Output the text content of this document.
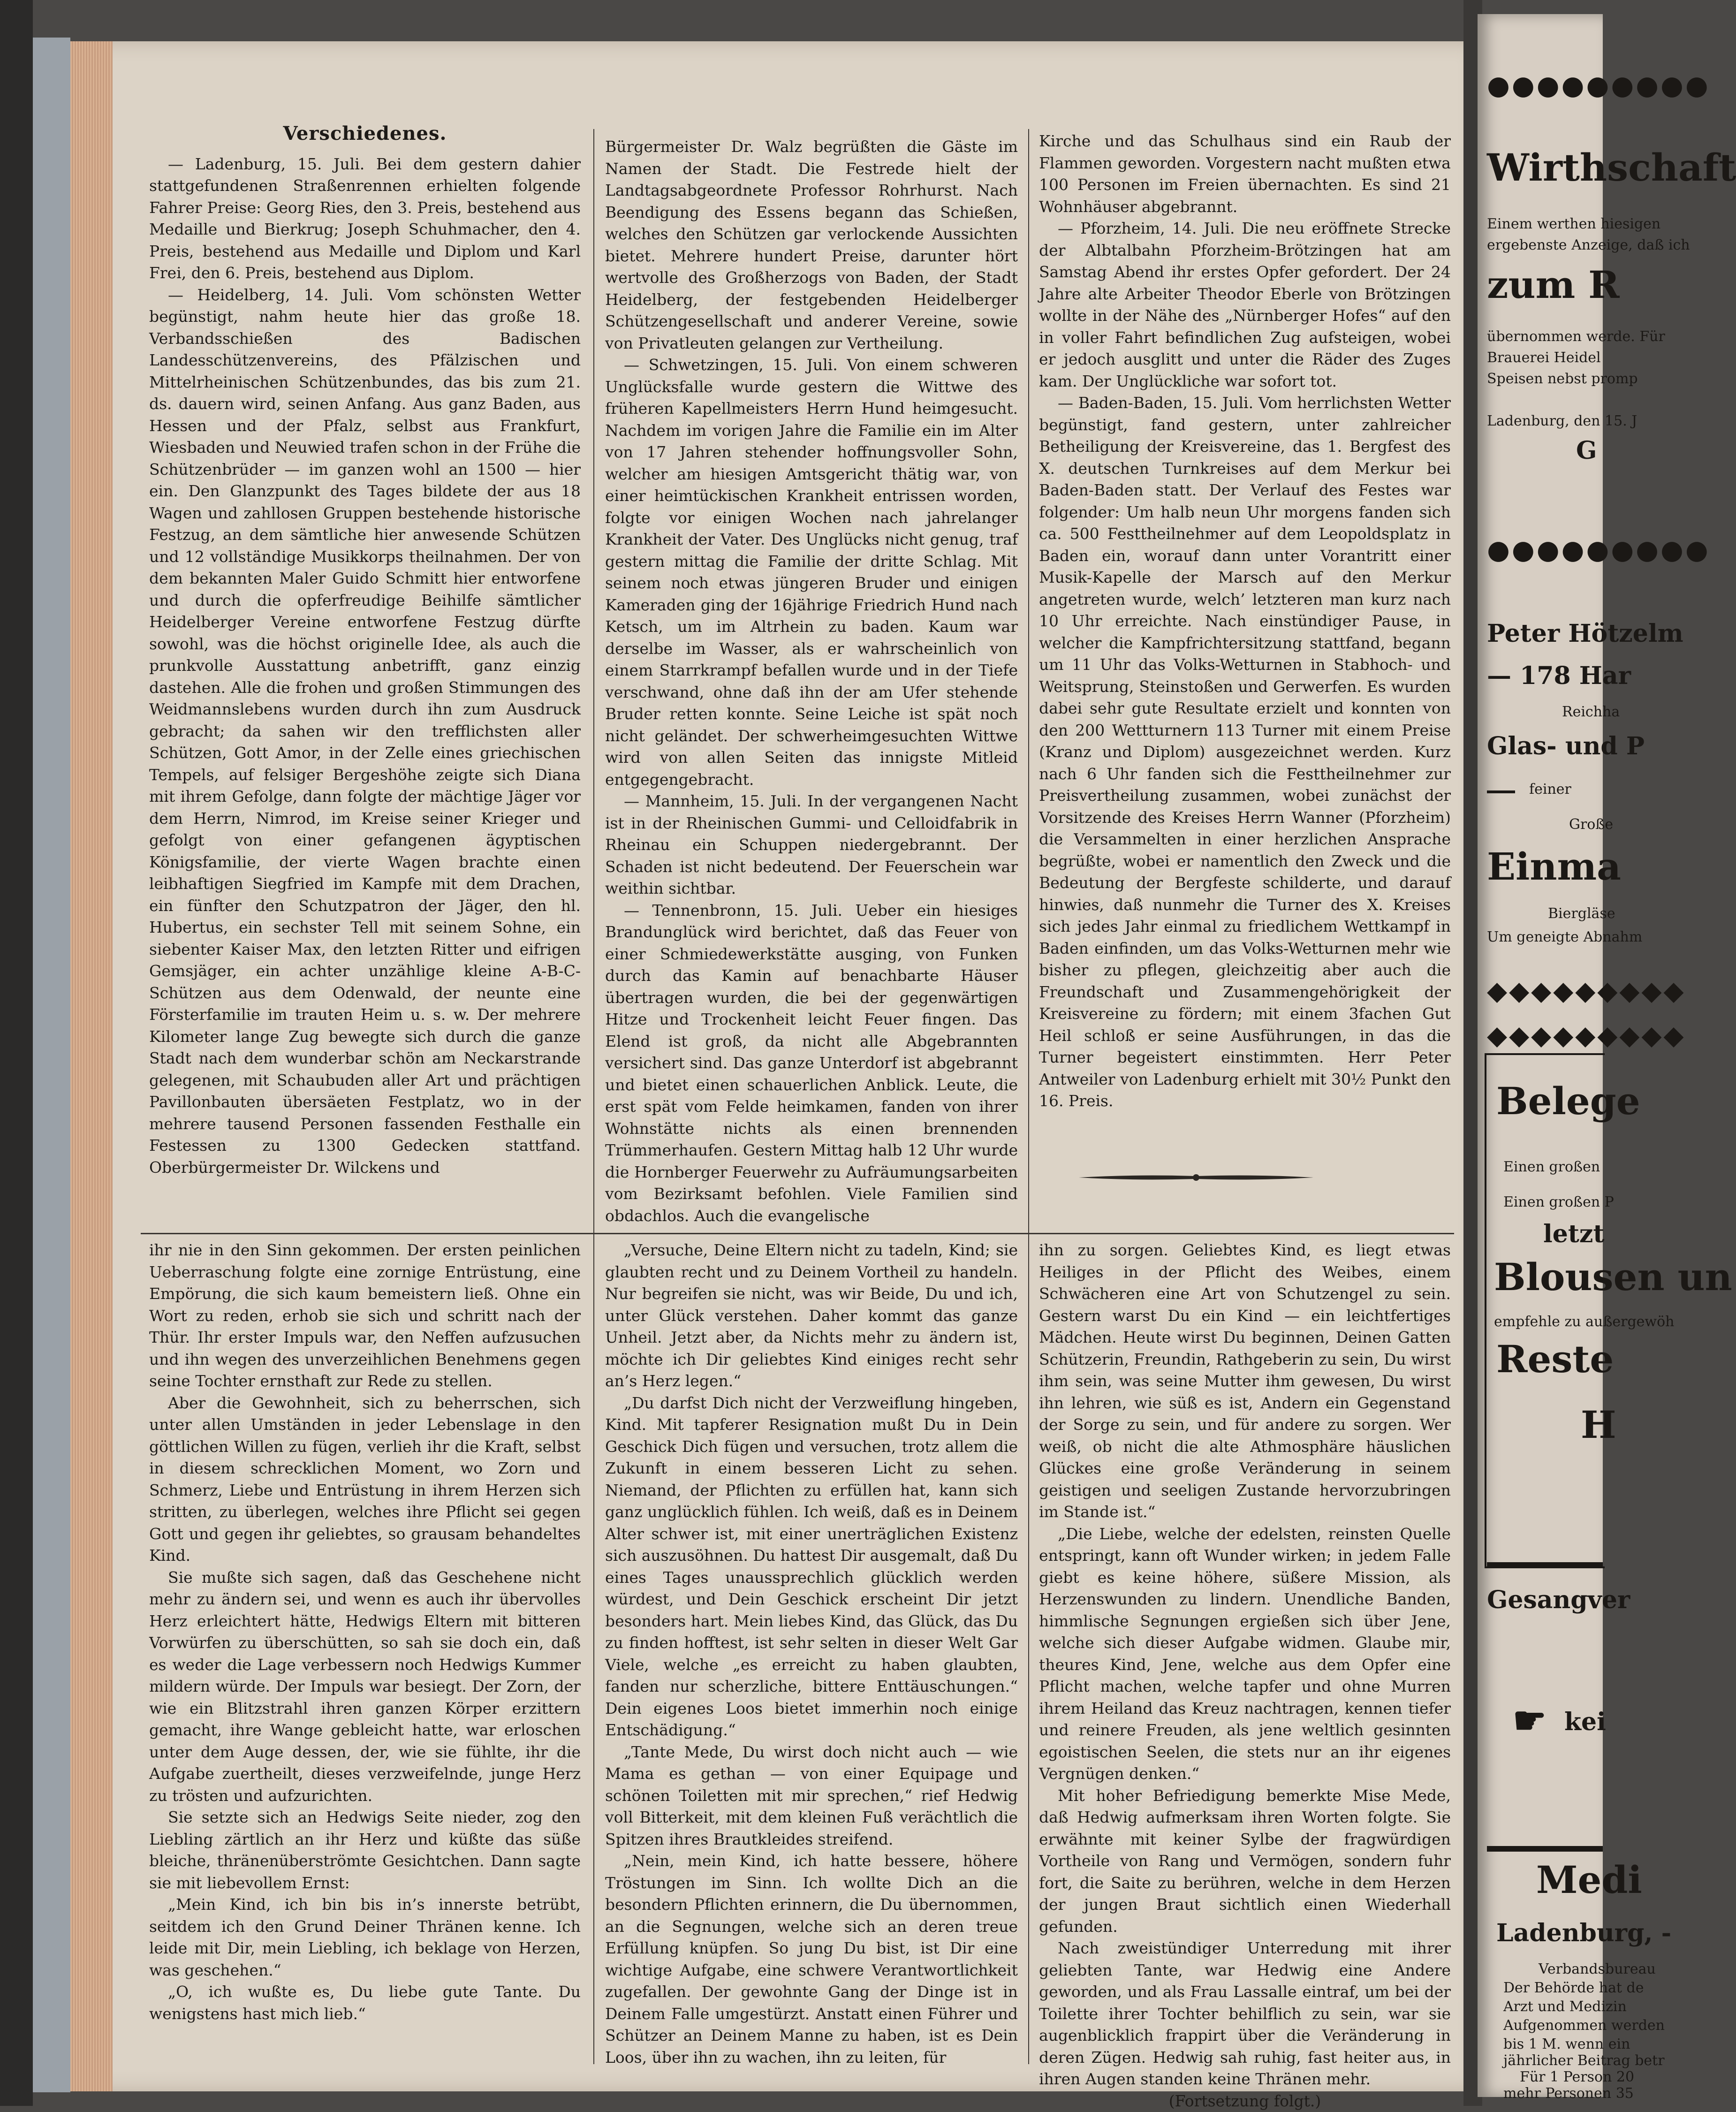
Verschiedenes.

— Ladenburg, 15. Juli. Bei dem gestern dahier stattgefundenen Straßenrennen erhielten folgende Fahrer Preise: Georg Ries, den 3. Preis, bestehend aus Medaille und Bierkrug; Joseph Schuhmacher, den 4. Preis, bestehend aus Medaille und Diplom und Karl Frei, den 6. Preis, bestehend aus Diplom.

— Heidelberg, 14. Juli. Vom schönsten Wetter begünstigt, nahm heute hier das große 18. Verbandsschießen des Badischen Landesschützenvereins, des Pfälzischen und Mittelrheinischen Schützenbundes, das bis zum 21. ds. dauern wird, seinen Anfang. Aus ganz Baden, aus Hessen und der Pfalz, selbst aus Frankfurt, Wiesbaden und Neuwied trafen schon in der Frühe die Schützenbrüder — im ganzen wohl an 1500 — hier ein. Den Glanzpunkt des Tages bildete der aus 18 Wagen und zahllosen Gruppen bestehende historische Festzug, an dem sämtliche hier anwesende Schützen und 12 vollständige Musikkorps theilnahmen. Der von dem bekannten Maler Guido Schmitt hier entworfene und durch die opferfreudige Beihilfe sämtlicher Heidelberger Vereine entworfene Festzug dürfte sowohl, was die höchst originelle Idee, als auch die prunkvolle Ausstattung anbetrifft, ganz einzig dastehen. Alle die frohen und großen Stimmungen des Weidmannslebens wurden durch ihn zum Ausdruck gebracht; da sahen wir den trefflichsten aller Schützen, Gott Amor, in der Zelle eines griechischen Tempels, auf felsiger Bergeshöhe zeigte sich Diana mit ihrem Gefolge, dann folgte der mächtige Jäger vor dem Herrn, Nimrod, im Kreise seiner Krieger und gefolgt von einer gefangenen ägyptischen Königsfamilie, der vierte Wagen brachte einen leibhaftigen Siegfried im Kampfe mit dem Drachen, ein fünfter den Schutzpatron der Jäger, den hl. Hubertus, ein sechster Tell mit seinem Sohne, ein siebenter Kaiser Max, den letzten Ritter und eifrigen Gemsjäger, ein achter unzählige kleine A-B-C-Schützen aus dem Odenwald, der neunte eine Försterfamilie im trauten Heim u. s. w. Der mehrere Kilometer lange Zug bewegte sich durch die ganze Stadt nach dem wunderbar schön am Neckarstrande gelegenen, mit Schaubuden aller Art und prächtigen Pavillonbauten übersäeten Festplatz, wo in der mehrere tausend Personen fassenden Festhalle ein Festessen zu 1300 Gedecken stattfand. Oberbürgermeister Dr. Wilckens und

Bürgermeister Dr. Walz begrüßten die Gäste im Namen der Stadt. Die Festrede hielt der Landtagsabgeordnete Professor Rohrhurst. Nach Beendigung des Essens begann das Schießen, welches den Schützen gar verlockende Aussichten bietet. Mehrere hundert Preise, darunter hört wertvolle des Großherzogs von Baden, der Stadt Heidelberg, der festgebenden Heidelberger Schützengesellschaft und anderer Vereine, sowie von Privatleuten gelangen zur Vertheilung.

— Schwetzingen, 15. Juli. Von einem schweren Unglücksfalle wurde gestern die Wittwe des früheren Kapellmeisters Herrn Hund heimgesucht. Nachdem im vorigen Jahre die Familie ein im Alter von 17 Jahren stehender hoffnungsvoller Sohn, welcher am hiesigen Amtsgericht thätig war, von einer heimtückischen Krankheit entrissen worden, folgte vor einigen Wochen nach jahrelanger Krankheit der Vater. Des Unglücks nicht genug, traf gestern mittag die Familie der dritte Schlag. Mit seinem noch etwas jüngeren Bruder und einigen Kameraden ging der 16jährige Friedrich Hund nach Ketsch, um im Altrhein zu baden. Kaum war derselbe im Wasser, als er wahrscheinlich von einem Starrkrampf befallen wurde und in der Tiefe verschwand, ohne daß ihn der am Ufer stehende Bruder retten konnte. Seine Leiche ist spät noch nicht geländet. Der schwerheimgesuchten Wittwe wird von allen Seiten das innigste Mitleid entgegengebracht.

— Mannheim, 15. Juli. In der vergangenen Nacht ist in der Rheinischen Gummi- und Celloidfabrik in Rheinau ein Schuppen niedergebrannt. Der Schaden ist nicht bedeutend. Der Feuerschein war weithin sichtbar.

— Tennenbronn, 15. Juli. Ueber ein hiesiges Brandunglück wird berichtet, daß das Feuer von einer Schmiedewerkstätte ausging, von Funken durch das Kamin auf benachbarte Häuser übertragen wurden, die bei der gegenwärtigen Hitze und Trockenheit leicht Feuer fingen. Das Elend ist groß, da nicht alle Abgebrannten versichert sind. Das ganze Unterdorf ist abgebrannt und bietet einen schauerlichen Anblick. Leute, die erst spät vom Felde heimkamen, fanden von ihrer Wohnstätte nichts als einen brennenden Trümmerhaufen. Gestern Mittag halb 12 Uhr wurde die Hornberger Feuerwehr zu Aufräumungsarbeiten vom Bezirksamt befohlen. Viele Familien sind obdachlos. Auch die evangelische

Kirche und das Schulhaus sind ein Raub der Flammen geworden. Vorgestern nacht mußten etwa 100 Personen im Freien übernachten. Es sind 21 Wohnhäuser abgebrannt.

— Pforzheim, 14. Juli. Die neu eröffnete Strecke der Albtalbahn Pforzheim-Brötzingen hat am Samstag Abend ihr erstes Opfer gefordert. Der 24 Jahre alte Arbeiter Theodor Eberle von Brötzingen wollte in der Nähe des „Nürnberger Hofes“ auf den in voller Fahrt befindlichen Zug aufsteigen, wobei er jedoch ausglitt und unter die Räder des Zuges kam. Der Unglückliche war sofort tot.

— Baden-Baden, 15. Juli. Vom herrlichsten Wetter begünstigt, fand gestern, unter zahlreicher Betheiligung der Kreisvereine, das 1. Bergfest des X. deutschen Turnkreises auf dem Merkur bei Baden-Baden statt. Der Verlauf des Festes war folgender: Um halb neun Uhr morgens fanden sich ca. 500 Festtheilnehmer auf dem Leopoldsplatz in Baden ein, worauf dann unter Vorantritt einer Musik-Kapelle der Marsch auf den Merkur angetreten wurde, welch’ letzteren man kurz nach 10 Uhr erreichte. Nach einstündiger Pause, in welcher die Kampfrichtersitzung stattfand, begann um 11 Uhr das Volks-Wetturnen in Stabhoch- und Weitsprung, Steinstoßen und Gerwerfen. Es wurden dabei sehr gute Resultate erzielt und konnten von den 200 Wettturnern 113 Turner mit einem Preise (Kranz und Diplom) ausgezeichnet werden. Kurz nach 6 Uhr fanden sich die Festtheilnehmer zur Preisvertheilung zusammen, wobei zunächst der Vorsitzende des Kreises Herrn Wanner (Pforzheim) die Versammelten in einer herzlichen Ansprache begrüßte, wobei er namentlich den Zweck und die Bedeutung der Bergfeste schilderte, und darauf hinwies, daß nunmehr die Turner des X. Kreises sich jedes Jahr einmal zu friedlichem Wettkampf in Baden einfinden, um das Volks-Wetturnen mehr wie bisher zu pflegen, gleichzeitig aber auch die Freundschaft und Zusammengehörigkeit der Kreisvereine zu fördern; mit einem 3fachen Gut Heil schloß er seine Ausführungen, in das die Turner begeistert einstimmten. Herr Peter Antweiler von Ladenburg erhielt mit 30½ Punkt den 16. Preis.

ihr nie in den Sinn gekommen. Der ersten peinlichen Ueberraschung folgte eine zornige Entrüstung, eine Empörung, die sich kaum bemeistern ließ. Ohne ein Wort zu reden, erhob sie sich und schritt nach der Thür. Ihr erster Impuls war, den Neffen aufzusuchen und ihn wegen des unverzeihlichen Benehmens gegen seine Tochter ernsthaft zur Rede zu stellen.

Aber die Gewohnheit, sich zu beherrschen, sich unter allen Umständen in jeder Lebenslage in den göttlichen Willen zu fügen, verlieh ihr die Kraft, selbst in diesem schrecklichen Moment, wo Zorn und Schmerz, Liebe und Entrüstung in ihrem Herzen sich stritten, zu überlegen, welches ihre Pflicht sei gegen Gott und gegen ihr geliebtes, so grausam behandeltes Kind.

Sie mußte sich sagen, daß das Geschehene nicht mehr zu ändern sei, und wenn es auch ihr übervolles Herz erleichtert hätte, Hedwigs Eltern mit bitteren Vorwürfen zu überschütten, so sah sie doch ein, daß es weder die Lage verbessern noch Hedwigs Kummer mildern würde. Der Impuls war besiegt. Der Zorn, der wie ein Blitzstrahl ihren ganzen Körper erzittern gemacht, ihre Wange gebleicht hatte, war erloschen unter dem Auge dessen, der, wie sie fühlte, ihr die Aufgabe zuertheilt, dieses verzweifelnde, junge Herz zu trösten und aufzurichten.

Sie setzte sich an Hedwigs Seite nieder, zog den Liebling zärtlich an ihr Herz und küßte das süße bleiche, thränenüberströmte Gesichtchen. Dann sagte sie mit liebevollem Ernst:

„Mein Kind, ich bin bis in’s innerste betrübt, seitdem ich den Grund Deiner Thränen kenne. Ich leide mit Dir, mein Liebling, ich beklage von Herzen, was geschehen.“

„O, ich wußte es, Du liebe gute Tante. Du wenigstens hast mich lieb.“

„Versuche, Deine Eltern nicht zu tadeln, Kind; sie glaubten recht und zu Deinem Vortheil zu handeln. Nur begreifen sie nicht, was wir Beide, Du und ich, unter Glück verstehen. Daher kommt das ganze Unheil. Jetzt aber, da Nichts mehr zu ändern ist, möchte ich Dir geliebtes Kind einiges recht sehr an’s Herz legen.“

„Du darfst Dich nicht der Verzweiflung hingeben, Kind. Mit tapferer Resignation mußt Du in Dein Geschick Dich fügen und versuchen, trotz allem die Zukunft in einem besseren Licht zu sehen. Niemand, der Pflichten zu erfüllen hat, kann sich ganz unglücklich fühlen. Ich weiß, daß es in Deinem Alter schwer ist, mit einer unerträglichen Existenz sich auszusöhnen. Du hattest Dir ausgemalt, daß Du eines Tages unaussprechlich glücklich werden würdest, und Dein Geschick erscheint Dir jetzt besonders hart. Mein liebes Kind, das Glück, das Du zu finden hofftest, ist sehr selten in dieser Welt Gar Viele, welche „es erreicht zu haben glaubten, fanden nur scherzliche, bittere Enttäuschungen.“ Dein eigenes Loos bietet immerhin noch einige Entschädigung.“

„Tante Mede, Du wirst doch nicht auch — wie Mama es gethan — von einer Equipage und schönen Toiletten mit mir sprechen,“ rief Hedwig voll Bitterkeit, mit dem kleinen Fuß verächtlich die Spitzen ihres Brautkleides streifend.

„Nein, mein Kind, ich hatte bessere, höhere Tröstungen im Sinn. Ich wollte Dich an die besondern Pflichten erinnern, die Du übernommen, an die Segnungen, welche sich an deren treue Erfüllung knüpfen. So jung Du bist, ist Dir eine wichtige Aufgabe, eine schwere Verantwortlichkeit zugefallen. Der gewohnte Gang der Dinge ist in Deinem Falle umgestürzt. Anstatt einen Führer und Schützer an Deinem Manne zu haben, ist es Dein Loos, über ihn zu wachen, ihn zu leiten, für

ihn zu sorgen. Geliebtes Kind, es liegt etwas Heiliges in der Pflicht des Weibes, einem Schwächeren eine Art von Schutzengel zu sein. Gestern warst Du ein Kind — ein leichtfertiges Mädchen. Heute wirst Du beginnen, Deinen Gatten Schützerin, Freundin, Rathgeberin zu sein, Du wirst ihm sein, was seine Mutter ihm gewesen, Du wirst ihn lehren, wie süß es ist, Andern ein Gegenstand der Sorge zu sein, und für andere zu sorgen. Wer weiß, ob nicht die alte Athmosphäre häuslichen Glückes eine große Veränderung in seinem geistigen und seeligen Zustande hervorzubringen im Stande ist.“

„Die Liebe, welche der edelsten, reinsten Quelle entspringt, kann oft Wunder wirken; in jedem Falle giebt es keine höhere, süßere Mission, als Herzenswunden zu lindern. Unendliche Banden, himmlische Segnungen ergießen sich über Jene, welche sich dieser Aufgabe widmen. Glaube mir, theures Kind, Jene, welche aus dem Opfer eine Pflicht machen, welche tapfer und ohne Murren ihrem Heiland das Kreuz nachtragen, kennen tiefer und reinere Freuden, als jene weltlich gesinnten egoistischen Seelen, die stets nur an ihr eigenes Vergnügen denken.“

Mit hoher Befriedigung bemerkte Mise Mede, daß Hedwig aufmerksam ihren Worten folgte. Sie erwähnte mit keiner Sylbe der fragwürdigen Vortheile von Rang und Vermögen, sondern fuhr fort, die Saite zu berühren, welche in dem Herzen der jungen Braut sichtlich einen Wiederhall gefunden.

Nach zweistündiger Unterredung mit ihrer geliebten Tante, war Hedwig eine Andere geworden, und als Frau Lassalle eintraf, um bei der Toilette ihrer Tochter behilflich zu sein, war sie augenblicklich frappirt über die Veränderung in deren Zügen. Hedwig sah ruhig, fast heiter aus, in ihren Augen standen keine Thränen mehr.

(Fortsetzung folgt.)

●●●●●●●●●
Wirthschaft
Einem werthen hiesigen
ergebenste Anzeige, daß ich
zum R
übernommen werde. Für
Brauerei Heidel
Speisen nebst promp
Ladenburg, den 15. J
G
●●●●●●●●●
Peter Hötzelm
— 178 Har
Reichha
Glas- und P
feiner
Große
Einma
Biergläse
Um geneigte Abnahm
◆◆◆◆◆◆◆◆◆
◆◆◆◆◆◆◆◆◆
Belege
Einen großen
Einen großen P
letzt
Blousen un
empfehle zu außergewöh
Reste
H
Gesangver
☛ kei
Medi
Ladenburg, -
Verbandsbureau
Der Behörde hat de
Arzt und Medizin
Aufgenommen werden
bis 1 M. wenn ein
jährlicher Beitrag betr
Für 1 Person 20
mehr Personen 35
